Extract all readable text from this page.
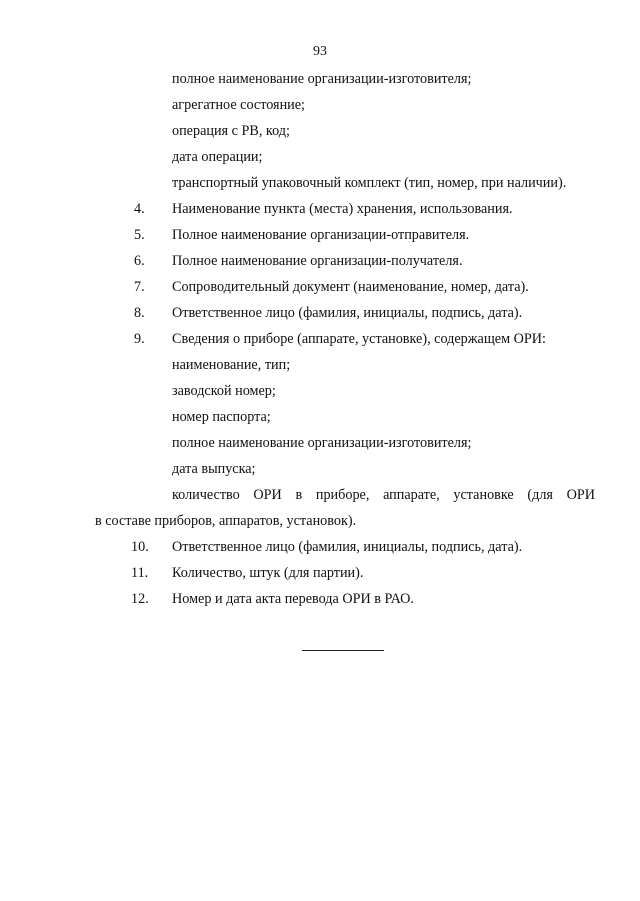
93
полное наименование организации-изготовителя;
агрегатное состояние;
операция с РВ, код;
дата операции;
транспортный упаковочный комплект (тип, номер, при наличии).
4. Наименование пункта (места) хранения, использования.
5. Полное наименование организации-отправителя.
6. Полное наименование организации-получателя.
7. Сопроводительный документ (наименование, номер, дата).
8. Ответственное лицо (фамилия, инициалы, подпись, дата).
9. Сведения о приборе (аппарате, установке), содержащем ОРИ:
наименование, тип;
заводской номер;
номер паспорта;
полное наименование организации-изготовителя;
дата выпуска;
количество ОРИ в приборе, аппарате, установке (для ОРИ
в составе приборов, аппаратов, установок).
10. Ответственное лицо (фамилия, инициалы, подпись, дата).
11. Количество, штук (для партии).
12. Номер и дата акта перевода ОРИ в РАО.
